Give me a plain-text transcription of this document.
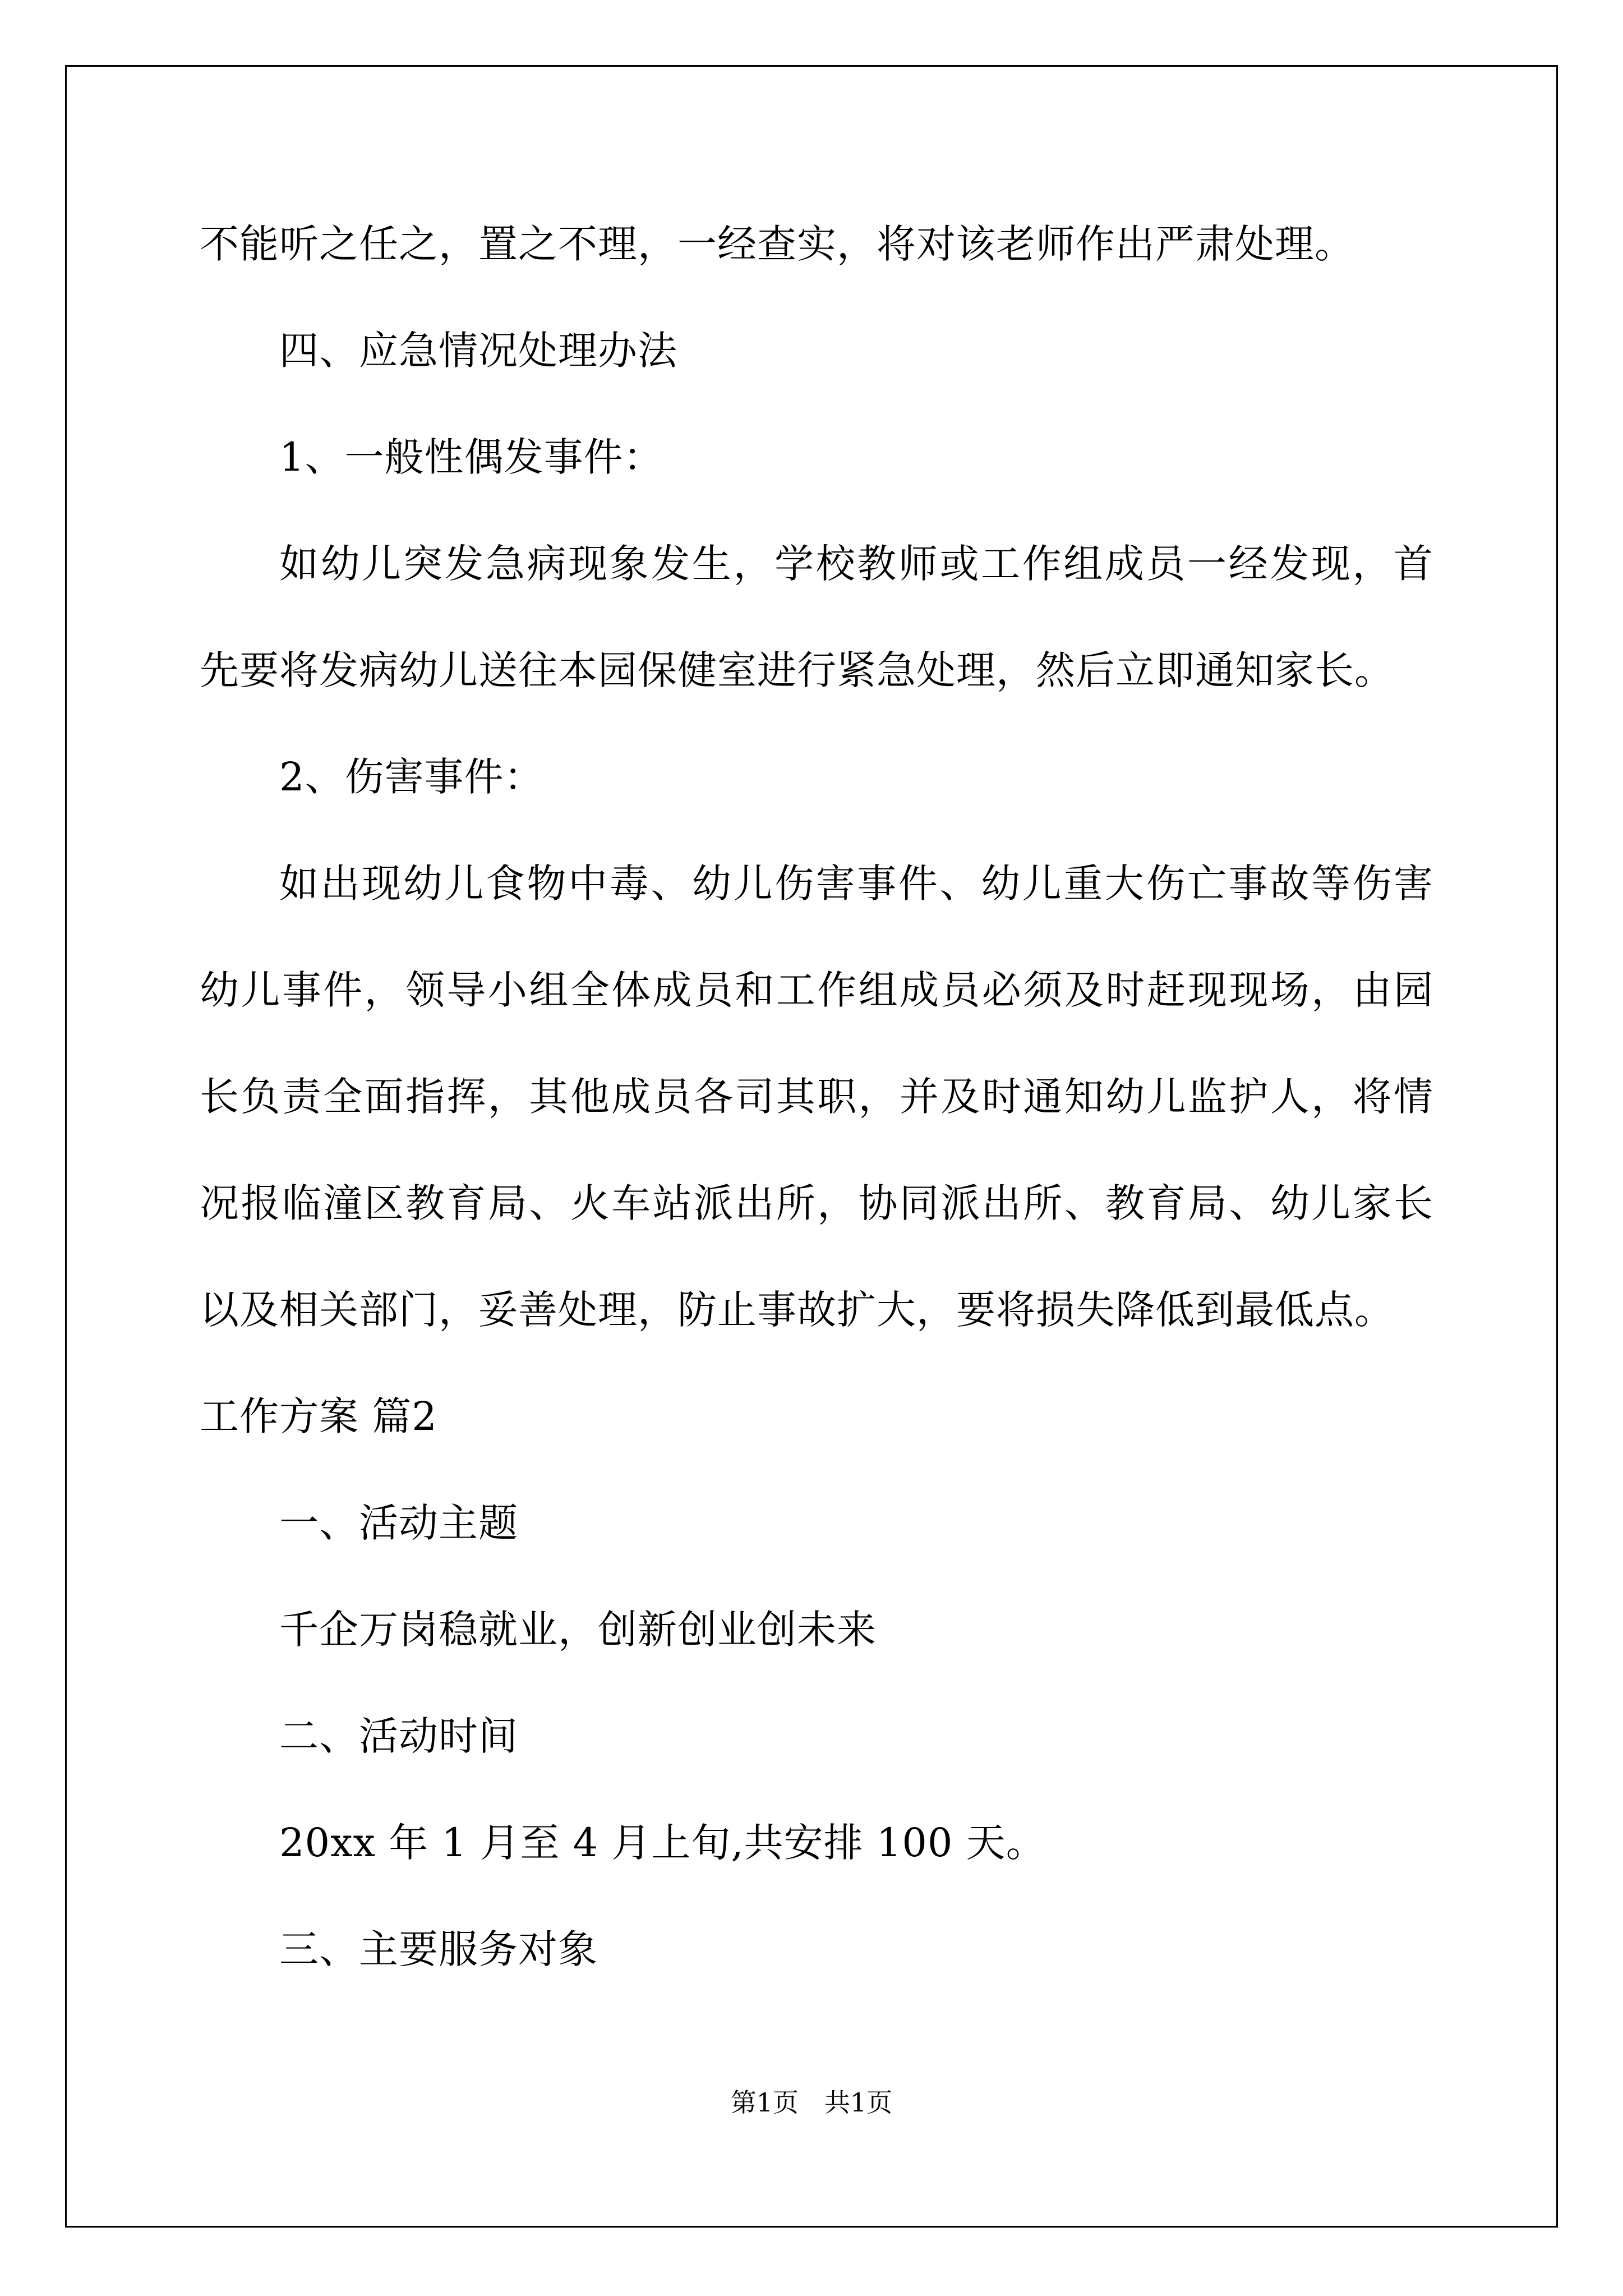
不能听之任之，置之不理，一经查实，将对该老师作出严肃处理。
四、应急情况处理办法
1、一般性偶发事件：
如幼儿突发急病现象发生，学校教师或工作组成员一经发现，首
先要将发病幼儿送往本园保健室进行紧急处理，然后立即通知家长。
2、伤害事件：
如出现幼儿食物中毒、幼儿伤害事件、幼儿重大伤亡事故等伤害
幼儿事件，领导小组全体成员和工作组成员必须及时赶现现场，由园
长负责全面指挥，其他成员各司其职，并及时通知幼儿监护人，将情
况报临潼区教育局、火车站派出所，协同派出所、教育局、幼儿家长
以及相关部门，妥善处理，防止事故扩大，要将损失降低到最低点。
工作方案 篇2
一、活动主题
千企万岗稳就业，创新创业创未来
二、活动时间
20xx 年 1 月至 4 月上旬,共安排 100 天。
三、主要服务对象
第1页　共1页
